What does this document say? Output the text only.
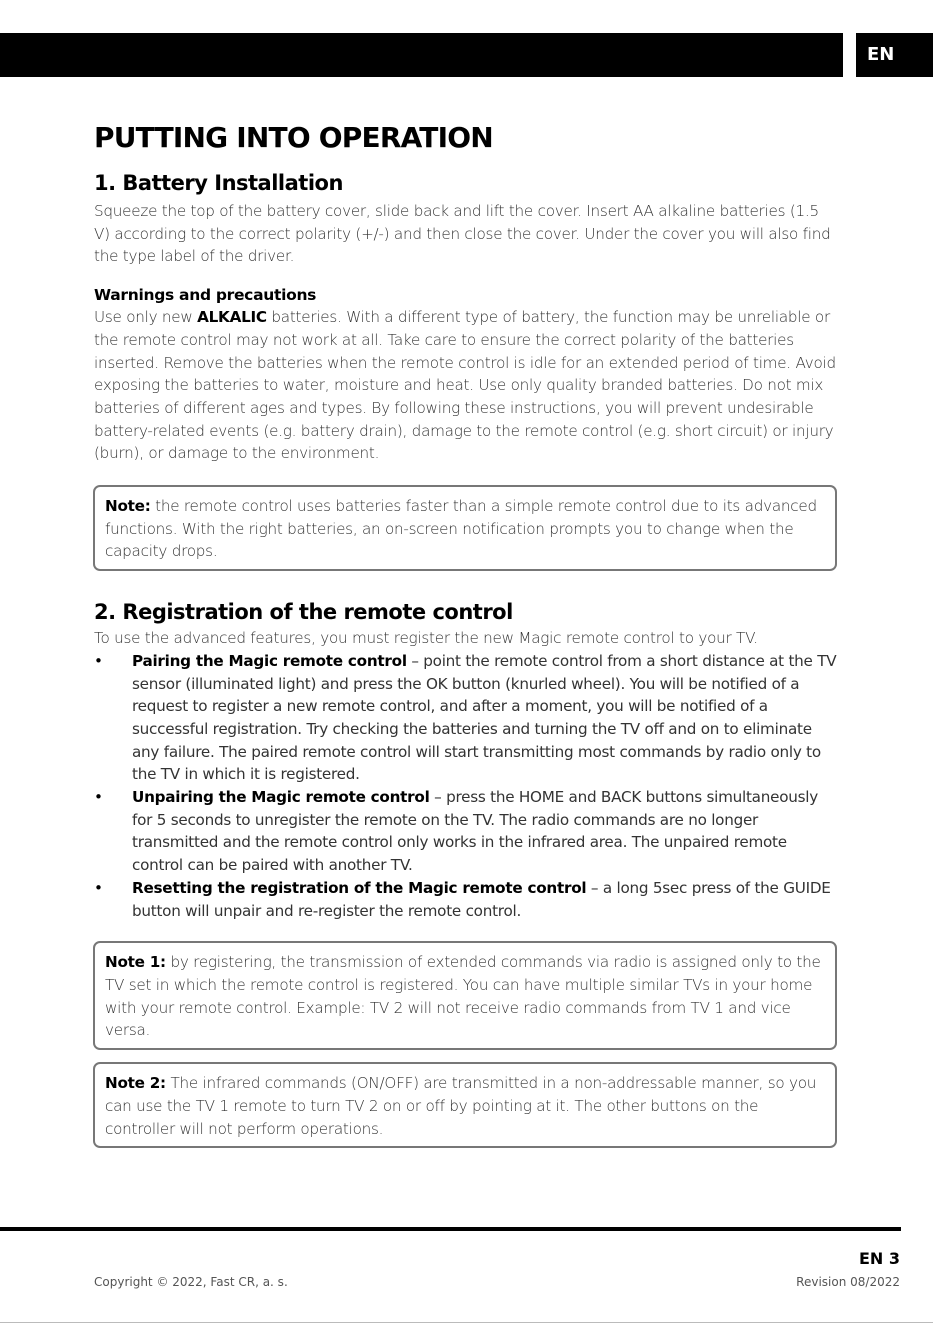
EN
PUTTING INTO OPERATION
1. Battery Installation

Squeeze the top of the battery cover, slide back and lift the cover. Insert AA alkaline batteries (1.5 V) according to the correct polarity (+/-) and then close the cover. Under the cover you will also find the type label of the driver.

Warnings and precautions

Use only new ALKALIC batteries. With a different type of battery, the function may be unreliable or the remote control may not work at all. Take care to ensure the correct polarity of the batteries inserted. Remove the batteries when the remote control is idle for an extended period of time. Avoid exposing the batteries to water, moisture and heat. Use only quality branded batteries. Do not mix batteries of different ages and types. By following these instructions, you will prevent undesirable battery-related events (e.g. battery drain), damage to the remote control (e.g. short circuit) or injury (burn), or damage to the environment.

Note: the remote control uses batteries faster than a simple remote control due to its advanced functions. With the right batteries, an on-screen notification prompts you to change when the capacity drops.

2. Registration of the remote control

To use the advanced features, you must register the new Magic remote control to your TV.

• Pairing the Magic remote control – point the remote control from a short distance at the TV sensor (illuminated light) and press the OK button (knurled wheel). You will be notified of a request to register a new remote control, and after a moment, you will be notified of a successful registration. Try checking the batteries and turning the TV off and on to eliminate any failure. The paired remote control will start transmitting most commands by radio only to the TV in which it is registered.
• Unpairing the Magic remote control – press the HOME and BACK buttons simultaneously for 5 seconds to unregister the remote on the TV. The radio commands are no longer transmitted and the remote control only works in the infrared area. The unpaired remote control can be paired with another TV.
• Resetting the registration of the Magic remote control – a long 5sec press of the GUIDE button will unpair and re-register the remote control.

Note 1: by registering, the transmission of extended commands via radio is assigned only to the TV set in which the remote control is registered. You can have multiple similar TVs in your home with your remote control. Example: TV 2 will not receive radio commands from TV 1 and vice versa.

Note 2: The infrared commands (ON/OFF) are transmitted in a non-addressable manner, so you can use the TV 1 remote to turn TV 2 on or off by pointing at it. The other buttons on the controller will not perform operations.

EN 3
Copyright © 2022, Fast CR, a. s.	Revision 08/2022
